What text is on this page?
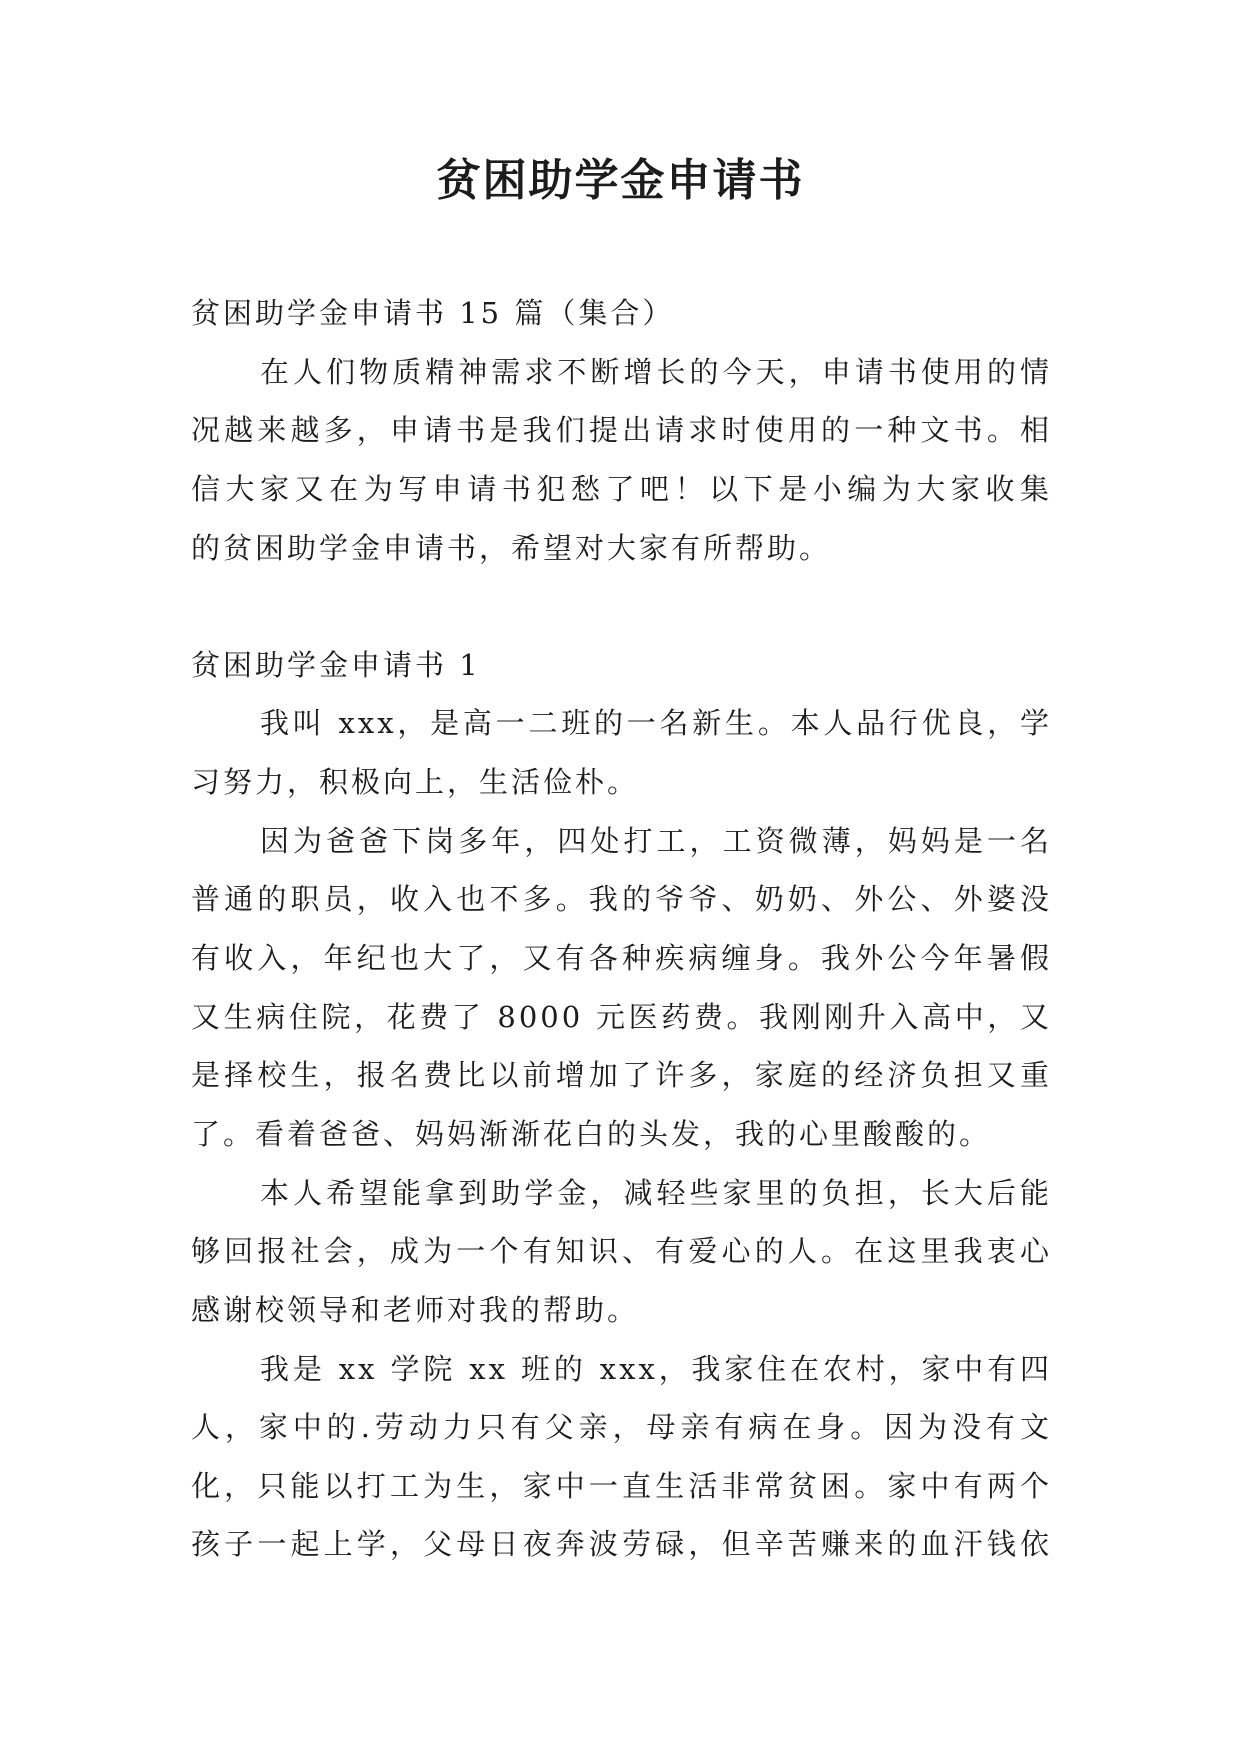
贫困助学金申请书
贫困助学金申请书 15 篇（集合）
在人们物质精神需求不断增长的今天，申请书使用的情
况越来越多，申请书是我们提出请求时使用的一种文书。相
信大家又在为写申请书犯愁了吧！以下是小编为大家收集
的贫困助学金申请书，希望对大家有所帮助。
贫困助学金申请书 1
我叫 xxx，是高一二班的一名新生。本人品行优良，学
习努力，积极向上，生活俭朴。
因为爸爸下岗多年，四处打工，工资微薄，妈妈是一名
普通的职员，收入也不多。我的爷爷、奶奶、外公、外婆没
有收入，年纪也大了，又有各种疾病缠身。我外公今年暑假
又生病住院，花费了 8000 元医药费。我刚刚升入高中，又
是择校生，报名费比以前增加了许多，家庭的经济负担又重
了。看着爸爸、妈妈渐渐花白的头发，我的心里酸酸的。
本人希望能拿到助学金，减轻些家里的负担，长大后能
够回报社会，成为一个有知识、有爱心的人。在这里我衷心
感谢校领导和老师对我的帮助。
我是 xx 学院 xx 班的 xxx，我家住在农村，家中有四
人，家中的.劳动力只有父亲，母亲有病在身。因为没有文
化，只能以打工为生，家中一直生活非常贫困。家中有两个
孩子一起上学，父母日夜奔波劳碌，但辛苦赚来的血汗钱依
